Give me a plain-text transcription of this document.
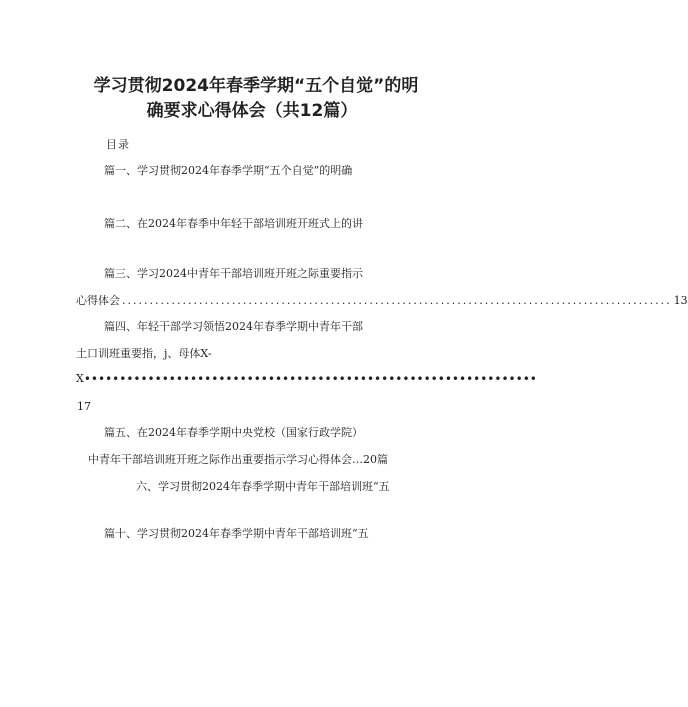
学习贯彻2024年春季学期“五个自觉”的明
确要求心得体会（共12篇）
目录
篇一、学习贯彻2024年春季学期“五个自觉”的明确
篇二、在2024年春季中年轻干部培训班开班式上的讲
篇三、学习2024中青年干部培训班开班之际重要指示
心得体会 .................................................................................................... 13
篇四、年轻干部学习领悟2024年春季学期中青年干部
土口训班重要指，j、母体X-
X••••••••••••••••••••••••••••••••••••••••••••••••••••••••••••••••
17
篇五、在2024年春季学期中央党校（国家行政学院）
中青年干部培训班开班之际作出重要指示学习心得体会…20篇
六、学习贯彻2024年春季学期中青年干部培训班“五
篇十、学习贯彻2024年春季学期中青年干部培训班“五
